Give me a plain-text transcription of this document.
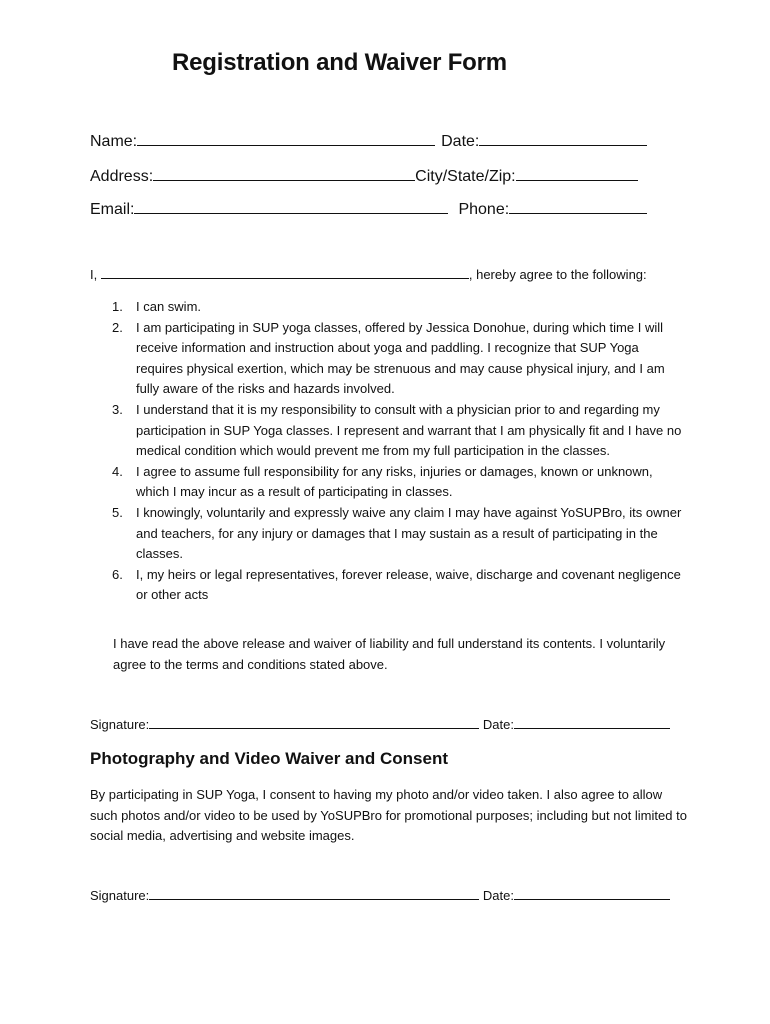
Registration and Waiver Form
Name:	Date:
Address:	City/State/Zip:
Email:	Phone:
I,	, hereby agree to the following:
1. I can swim.
2. I am participating in SUP yoga classes, offered by Jessica Donohue, during which time I will receive information and instruction about yoga and paddling. I recognize that SUP Yoga requires physical exertion, which may be strenuous and may cause physical injury, and I am fully aware of the risks and hazards involved.
3. I understand that it is my responsibility to consult with a physician prior to and regarding my participation in SUP Yoga classes. I represent and warrant that I am physically fit and I have no medical condition which would prevent me from my full participation in the classes.
4. I agree to assume full responsibility for any risks, injuries or damages, known or unknown, which I may incur as a result of participating in classes.
5. I knowingly, voluntarily and expressly waive any claim I may have against YoSUPBro, its owner and teachers, for any injury or damages that I may sustain as a result of participating in the classes.
6. I, my heirs or legal representatives, forever release, waive, discharge and covenant negligence or other acts
I have read the above release and waiver of liability and full understand its contents. I voluntarily agree to the terms and conditions stated above.
Signature:	Date:
Photography and Video Waiver and Consent
By participating in SUP Yoga, I consent to having my photo and/or video taken. I also agree to allow such photos and/or video to be used by YoSUPBro for promotional purposes; including but not limited to social media, advertising and website images.
Signature:	Date:
